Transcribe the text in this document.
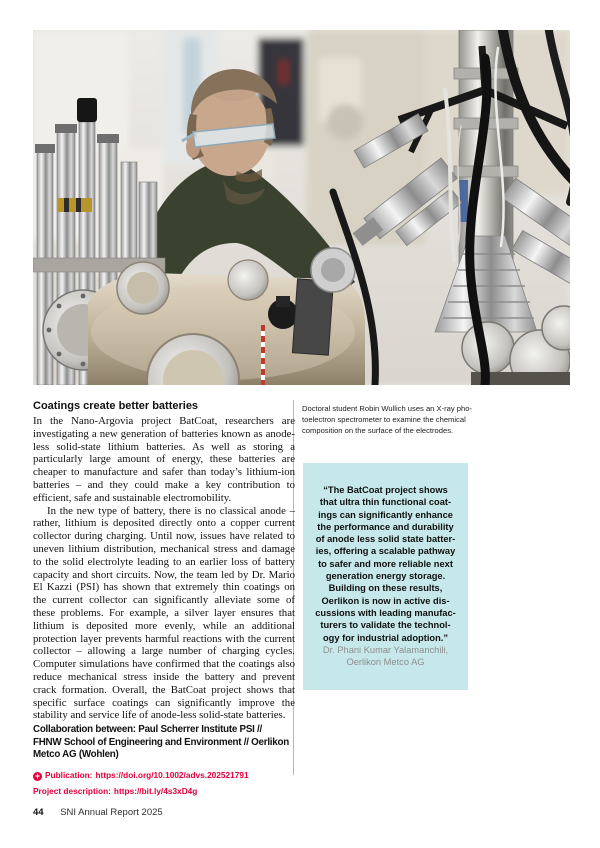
Coatings create better batteries

In the Nano-Argovia project BatCoat, researchers are investigating a new generation of batteries known as anode-less solid-state lithium batteries. As well as storing a particularly large amount of energy, these batteries are cheaper to manufacture and safer than today’s lithium-ion batteries – and they could make a key contribution to efficient, safe and sustainable electromobility.

In the new type of battery, there is no classical anode – rather, lithium is deposited directly onto a copper current collector during charging. Until now, issues have related to uneven lithium distribution, mechanical stress and damage to the solid electrolyte leading to an earlier loss of battery capacity and short circuits. Now, the team led by Dr. Mario El Kazzi (PSI) has shown that extremely thin coatings on the current collector can significantly alleviate some of these problems. For example, a silver layer ensures that lithium is deposited more evenly, while an additional protection layer prevents harmful reactions with the current collector – allowing a large number of charging cycles. Computer simulations have confirmed that the coatings also reduce mechanical stress inside the battery and prevent crack formation. Overall, the BatCoat project shows that specific surface coatings can significantly improve the stability and service life of anode-less solid-state batteries.

Collaboration between: Paul Scherrer Institute PSI //
FHNW School of Engineering and Environment // Oerlikon
Metco AG (Wohlen)
+Publication: https://doi.org/10.1002/advs.202521791
Project description: https://bit.ly/4s3xD4g
Doctoral student Robin Wullich uses an X-ray pho-
toelectron spectrometer to examine the chemical
composition on the surface of the electrodes.
“The BatCoat project shows
that ultra thin functional coat-
ings can significantly enhance
the performance and durability
of anode less solid state batter-
ies, offering a scalable pathway
to safer and more reliable next
generation energy storage.
Building on these results,
Oerlikon is now in active dis-
cussions with leading manufac-
turers to validate the technol-
ogy for industrial adoption.”
Dr. Phani Kumar Yalamanchili,
Oerlikon Metco AG
44 SNI Annual Report 2025
